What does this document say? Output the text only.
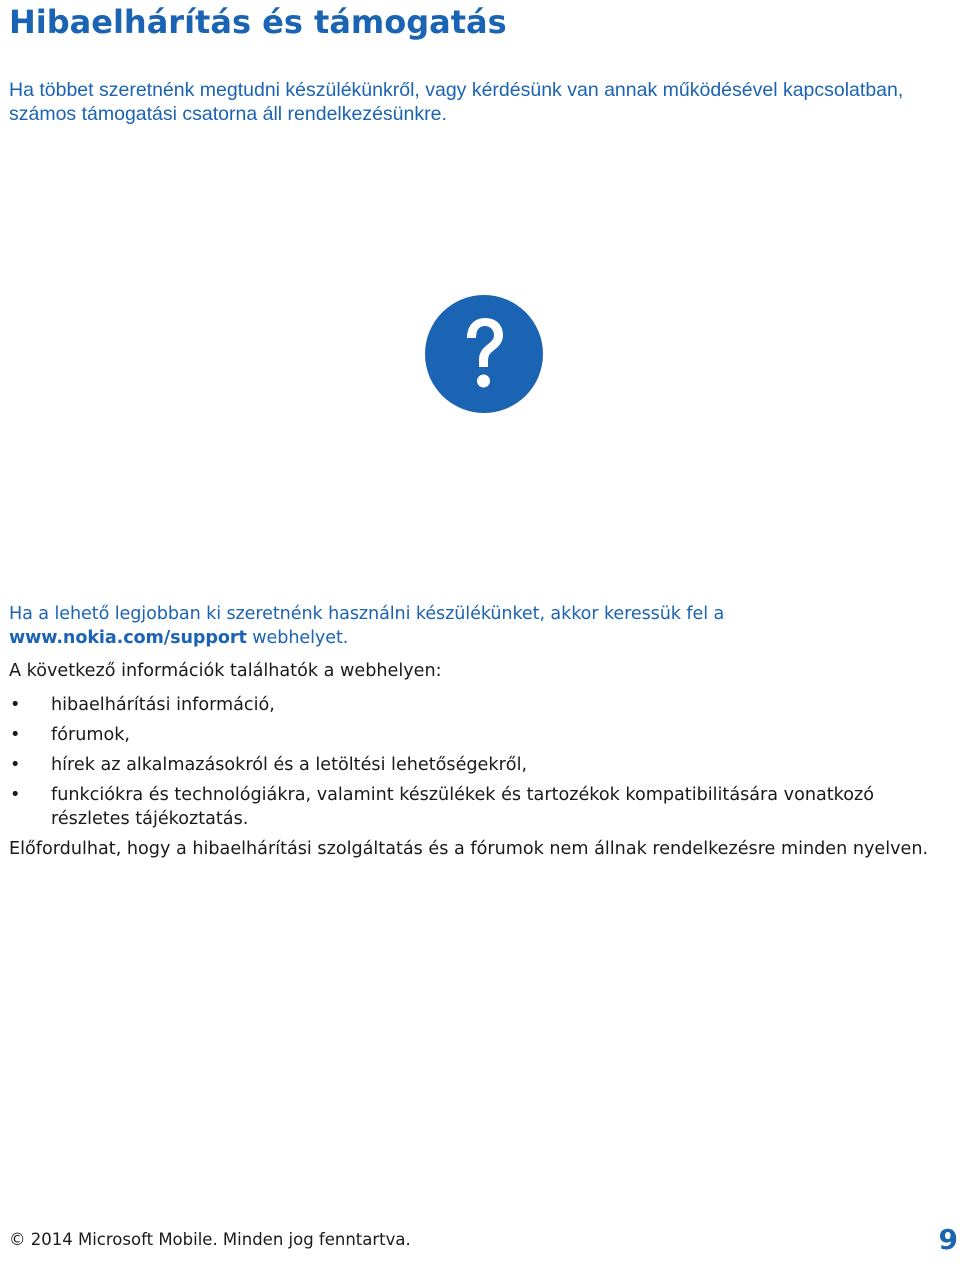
Hibaelhárítás és támogatás

Ha többet szeretnénk megtudni készülékünkről, vagy kérdésünk van annak működésével kapcsolatban, számos támogatási csatorna áll rendelkezésünkre.

Ha a lehető legjobban ki szeretnénk használni készülékünket, akkor keressük fel a www.nokia.com/support webhelyet.

A következő információk találhatók a webhelyen:

• hibaelhárítási információ,
• fórumok,
• hírek az alkalmazásokról és a letöltési lehetőségekről,
• funkciókra és technológiákra, valamint készülékek és tartozékok kompatibilitására vonatkozó részletes tájékoztatás.

Előfordulhat, hogy a hibaelhárítási szolgáltatás és a fórumok nem állnak rendelkezésre minden nyelven.

© 2014 Microsoft Mobile. Minden jog fenntartva.	9
